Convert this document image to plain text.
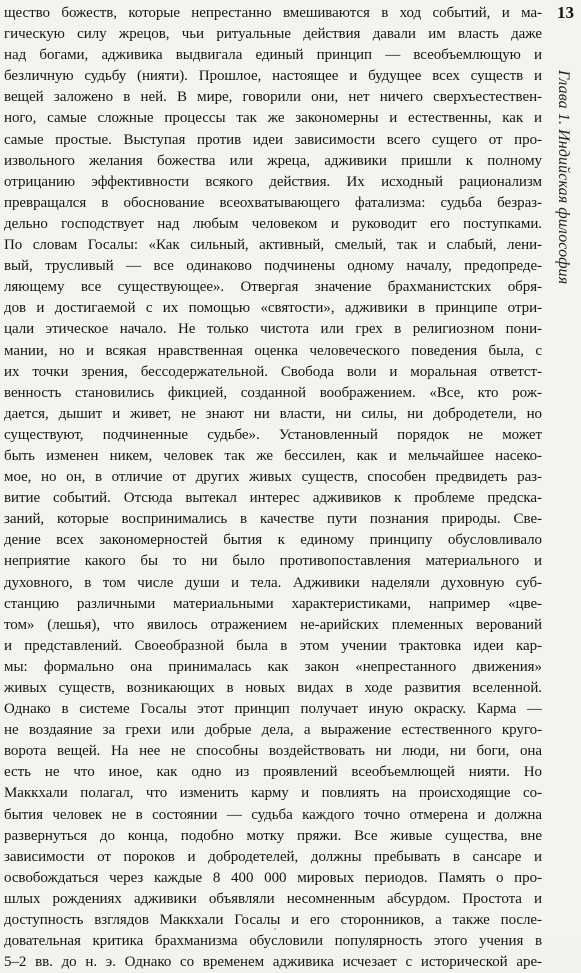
13
Глава 1. Индийская философия
щество божеств, которые непрестанно вмешиваются в ход событий, и ма-
гическую силу жрецов, чьи ритуальные действия давали им власть даже
над богами, адживика выдвигала единый принцип — всеобъемлющую и
безличную судьбу (нияти). Прошлое, настоящее и будущее всех существ и
вещей заложено в ней. В мире, говорили они, нет ничего сверхъестествен-
ного, самые сложные процессы так же закономерны и естественны, как и
самые простые. Выступая против идеи зависимости всего сущего от про-
извольного желания божества или жреца, адживики пришли к полному
отрицанию эффективности всякого действия. Их исходный рационализм
превращался в обоснование всеохватывающего фатализма: судьба безраз-
дельно господствует над любым человеком и руководит его поступками.
По словам Госалы: «Как сильный, активный, смелый, так и слабый, лени-
вый, трусливый — все одинаково подчинены одному началу, предопреде-
ляющему все существующее». Отвергая значение брахманистских обря-
дов и достигаемой с их помощью «святости», адживики в принципе отри-
цали этическое начало. Не только чистота или грех в религиозном пони-
мании, но и всякая нравственная оценка человеческого поведения была, с
их точки зрения, бессодержательной. Свобода воли и моральная ответст-
венность становились фикцией, созданной воображением. «Все, кто рож-
дается, дышит и живет, не знают ни власти, ни силы, ни добродетели, но
существуют, подчиненные судьбе». Установленный порядок не может
быть изменен никем, человек так же бессилен, как и мельчайшее насеко-
мое, но он, в отличие от других живых существ, способен предвидеть раз-
витие событий. Отсюда вытекал интерес адживиков к проблеме предска-
заний, которые воспринимались в качестве пути познания природы. Све-
дение всех закономерностей бытия к единому принципу обусловливало
неприятие какого бы то ни было противопоставления материального и
духовного, в том числе души и тела. Адживики наделяли духовную суб-
станцию различными материальными характеристиками, например «цве-
том» (лешья), что явилось отражением не-арийских племенных верований
и представлений. Своеобразной была в этом учении трактовка идеи кар-
мы: формально она принималась как закон «непрестанного движения»
живых существ, возникающих в новых видах в ходе развития вселенной.
Однако в системе Госалы этот принцип получает иную окраску. Карма —
не воздаяние за грехи или добрые дела, а выражение естественного круго-
ворота вещей. На нее не способны воздействовать ни люди, ни боги, она
есть не что иное, как одно из проявлений всеобъемлющей нияти. Но
Маккхали полагал, что изменить карму и повлиять на происходящие со-
бытия человек не в состоянии — судьба каждого точно отмерена и должна
развернуться до конца, подобно мотку пряжи. Все живые существа, вне
зависимости от пороков и добродетелей, должны пребывать в сансаре и
освобождаться через каждые 8 400 000 мировых периодов. Память о про-
шлых рождениях адживики объявляли несомненным абсурдом. Простота и
доступность взглядов Маккхали Госалы и его сторонников, а также после-
довательная критика брахманизма обусловили популярность этого учения в
5–2 вв. до н. э. Однако со временем адживика исчезает с исторической аре-
